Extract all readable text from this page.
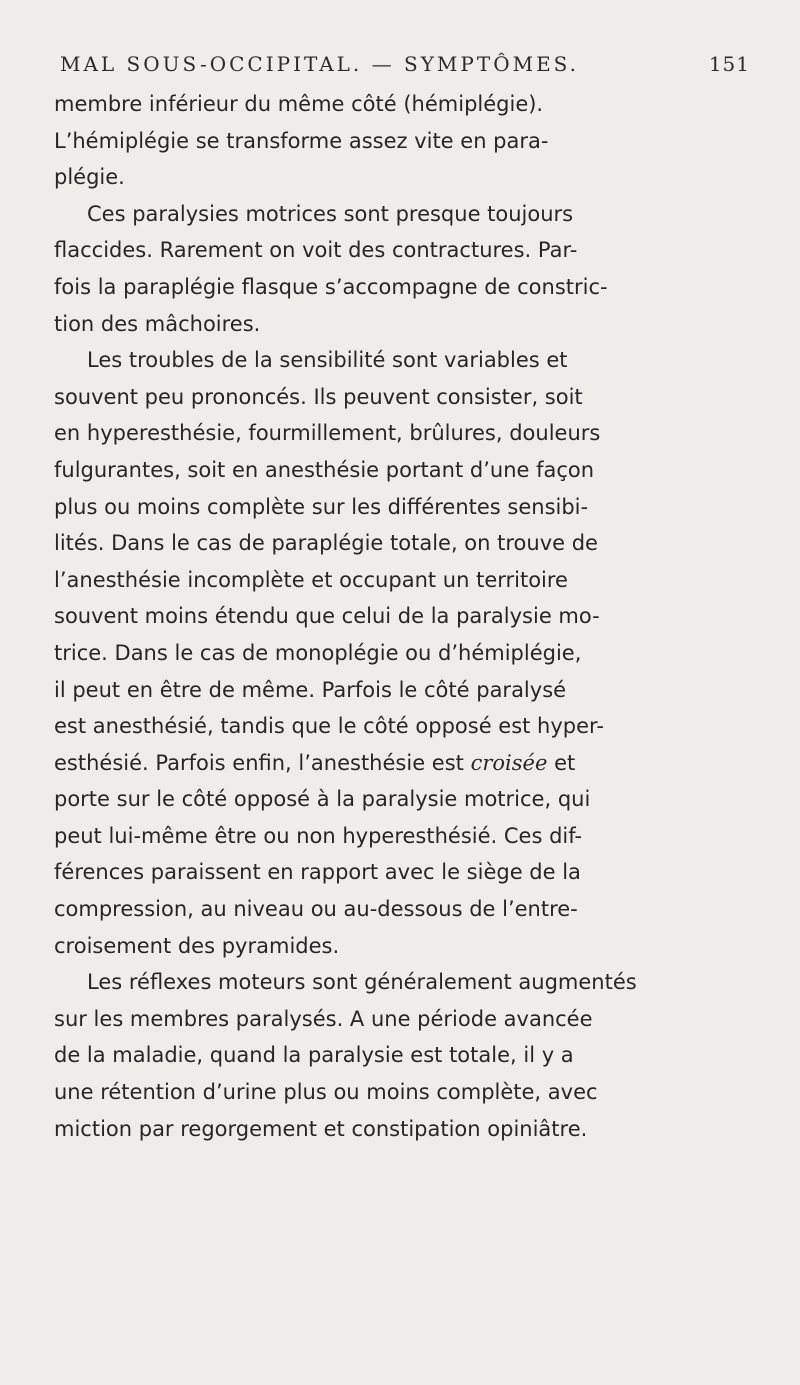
MAL SOUS-OCCIPITAL. — SYMPTÔMES.	151
membre inférieur du même côté (hémiplégie).
L’hémiplégie se transforme assez vite en para-
plégie.
Ces paralysies motrices sont presque toujours
flaccides. Rarement on voit des contractures. Par-
fois la paraplégie flasque s’accompagne de constric-
tion des mâchoires.
Les troubles de la sensibilité sont variables et
souvent peu prononcés. Ils peuvent consister, soit
en hyperesthésie, fourmillement, brûlures, douleurs
fulgurantes, soit en anesthésie portant d’une façon
plus ou moins complète sur les différentes sensibi-
lités. Dans le cas de paraplégie totale, on trouve de
l’anesthésie incomplète et occupant un territoire
souvent moins étendu que celui de la paralysie mo-
trice. Dans le cas de monoplégie ou d’hémiplégie,
il peut en être de même. Parfois le côté paralysé
est anesthésié, tandis que le côté opposé est hyper-
esthésié. Parfois enfin, l’anesthésie est croisée et
porte sur le côté opposé à la paralysie motrice, qui
peut lui-même être ou non hyperesthésié. Ces dif-
férences paraissent en rapport avec le siège de la
compression, au niveau ou au-dessous de l’entre-
croisement des pyramides.
Les réflexes moteurs sont généralement augmentés
sur les membres paralysés. A une période avancée
de la maladie, quand la paralysie est totale, il y a
une rétention d’urine plus ou moins complète, avec
miction par regorgement et constipation opiniâtre.
